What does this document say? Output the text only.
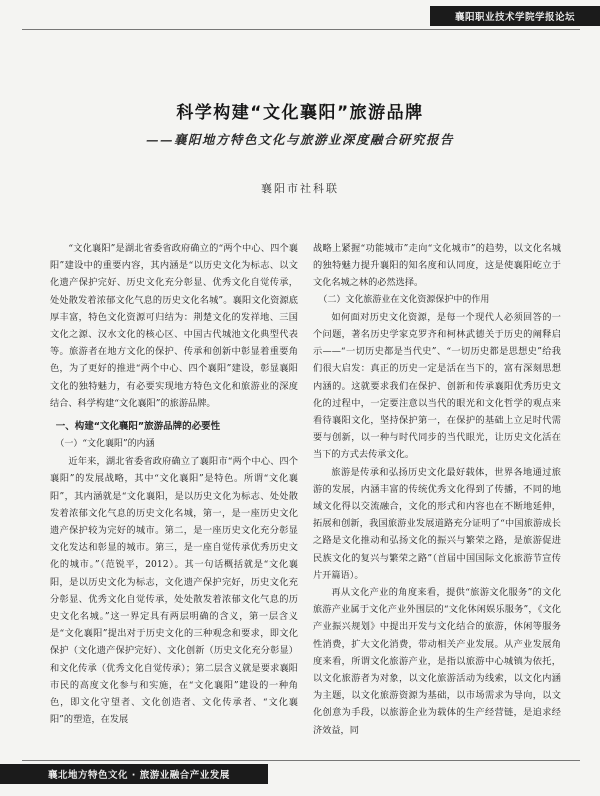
襄阳职业技术学院学报论坛
科学构建“文化襄阳”旅游品牌
——襄阳地方特色文化与旅游业深度融合研究报告
襄阳市社科联

“文化襄阳”是湖北省委省政府确立的“两个中心、四个襄阳”建设中的重要内容，其内涵是“以历史文化为标志、以文化遗产保护完好、历史文化充分彰显、优秀文化自觉传承，处处散发着浓郁文化气息的历史文化名城”。襄阳文化资源底厚丰富，特色文化资源可归结为：荆楚文化的发祥地、三国文化之源、汉水文化的核心区、中国古代城池文化典型代表等。旅游者在地方文化的保护、传承和创新中彰显着重要角色，为了更好的推进“两个中心、四个襄阳”建设，彰显襄阳文化的独特魅力，有必要实现地方特色文化和旅游业的深度结合、科学构建“文化襄阳”的旅游品牌。

一、构建“文化襄阳”旅游品牌的必要性
（一）“文化襄阳”的内涵

近年来，湖北省委省政府确立了襄阳市“两个中心、四个襄阳”的发展战略，其中“文化襄阳”是特色。所谓“文化襄阳”，其内涵就是“文化襄阳，是以历史文化为标志、处处散发着浓郁文化气息的历史文化名城，第一，是一座历史文化遗产保护较为完好的城市。第二，是一座历史文化充分彰显文化发达和彰显的城市。第三，是一座自觉传承优秀历史文化的城市。”（范锐平，2012）。其一句话概括就是“文化襄阳，是以历史文化为标志，文化遗产保护完好，历史文化充分彰显、优秀文化自觉传承，处处散发着浓郁文化气息的历史文化名城。”这一界定具有两层明确的含义，第一层含义是“文化襄阳”提出对于历史文化的三种观念和要求，即文化保护（文化遗产保护完好）、文化创新（历史文化充分彰显）和文化传承（优秀文化自觉传承）；第二层含义就是要求襄阳市民的高度文化参与和实施，在“文化襄阳”建设的一种角色，即文化守望者、文化创造者、文化传承者、“文化襄阳”的塑造，在发展

战略上紧握“功能城市”走向“文化城市”的趋势，以文化名城的独特魅力提升襄阳的知名度和认同度，这是使襄阳屹立于文化名城之林的必然选择。

（二）文化旅游业在文化资源保护中的作用

如何面对历史文化资源，是每一个现代人必须回答的一个问题，著名历史学家克罗齐和柯林武德关于历史的阐释启示——“一切历史都是当代史”、“一切历史都是思想史”给我们很大启发：真正的历史一定是活在当下的，富有深刻思想内涵的。这就要求我们在保护、创新和传承襄阳优秀历史文化的过程中，一定要注意以当代的眼光和文化哲学的观点来看待襄阳文化，坚持保护第一，在保护的基础上立足时代需要与创新，以一种与时代同步的当代眼光，让历史文化活在当下的方式去传承文化。

旅游是传承和弘扬历史文化最好载体，世界各地通过旅游的发展，内涵丰富的传统优秀文化得到了传播，不同的地域文化得以交流融合，文化的形式和内容也在不断地延伸，拓展和创新，我国旅游业发展道路充分证明了“中国旅游成长之路是文化推动和弘扬文化的振兴与繁荣之路，是旅游促进民族文化的复兴与繁荣之路”（首届中国国际文化旅游节宣传片开篇语）。

再从文化产业的角度来看，提供“旅游文化服务”的文化旅游产业属于文化产业外围层的“文化休闲娱乐服务”，《文化产业振兴规划》中提出开发与文化结合的旅游，休闲等服务性消费，扩大文化消费，带动相关产业发展。从产业发展角度来看，所谓文化旅游产业，是指以旅游中心城镇为依托，以文化旅游者为对象，以文化旅游活动为线索，以文化内涵为主题，以文化旅游资源为基础，以市场需求为导向，以文化创意为手段，以旅游企业为载体的生产经营链，是追求经济效益，同

襄北地方特色文化 · 旅游业融合产业发展
